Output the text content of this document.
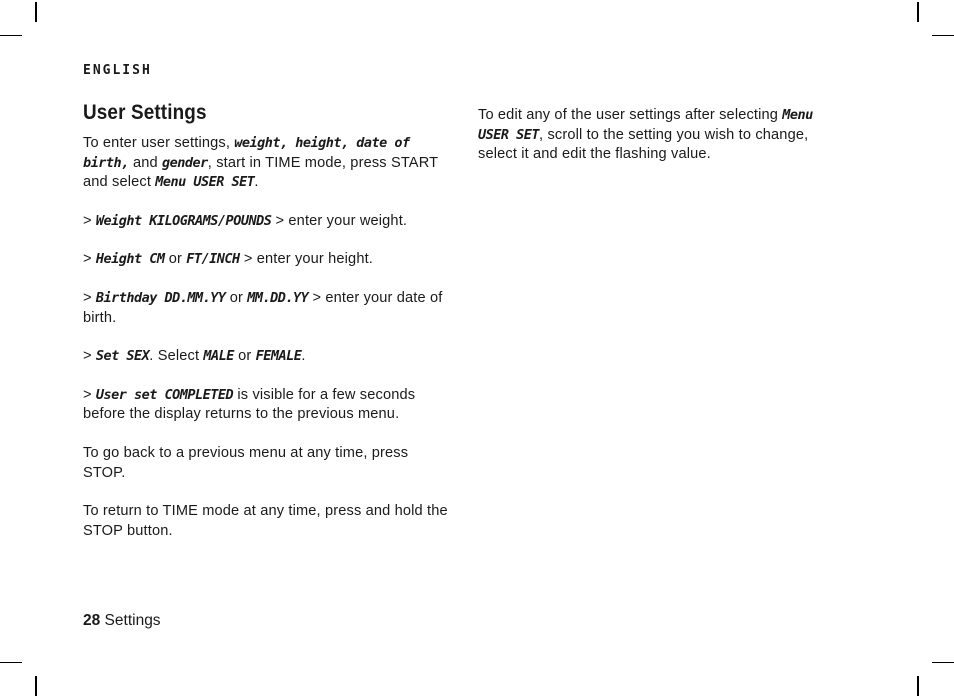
ENGLISH
User Settings

To enter user settings, weight, height, date of birth, and gender, start in TIME mode, press START and select Menu USER SET.

> Weight KILOGRAMS/POUNDS > enter your weight.

> Height CM or FT/INCH > enter your height.

> Birthday DD.MM.YY or MM.DD.YY > enter your date of birth.

> Set SEX. Select MALE or FEMALE.

> User set COMPLETED is visible for a few seconds before the display returns to the previous menu.

To go back to a previous menu at any time, press STOP.

To return to TIME mode at any time, press and hold the STOP button.

To edit any of the user settings after selecting Menu USER SET, scroll to the setting you wish to change, select it and edit the flashing value.

28 Settings
